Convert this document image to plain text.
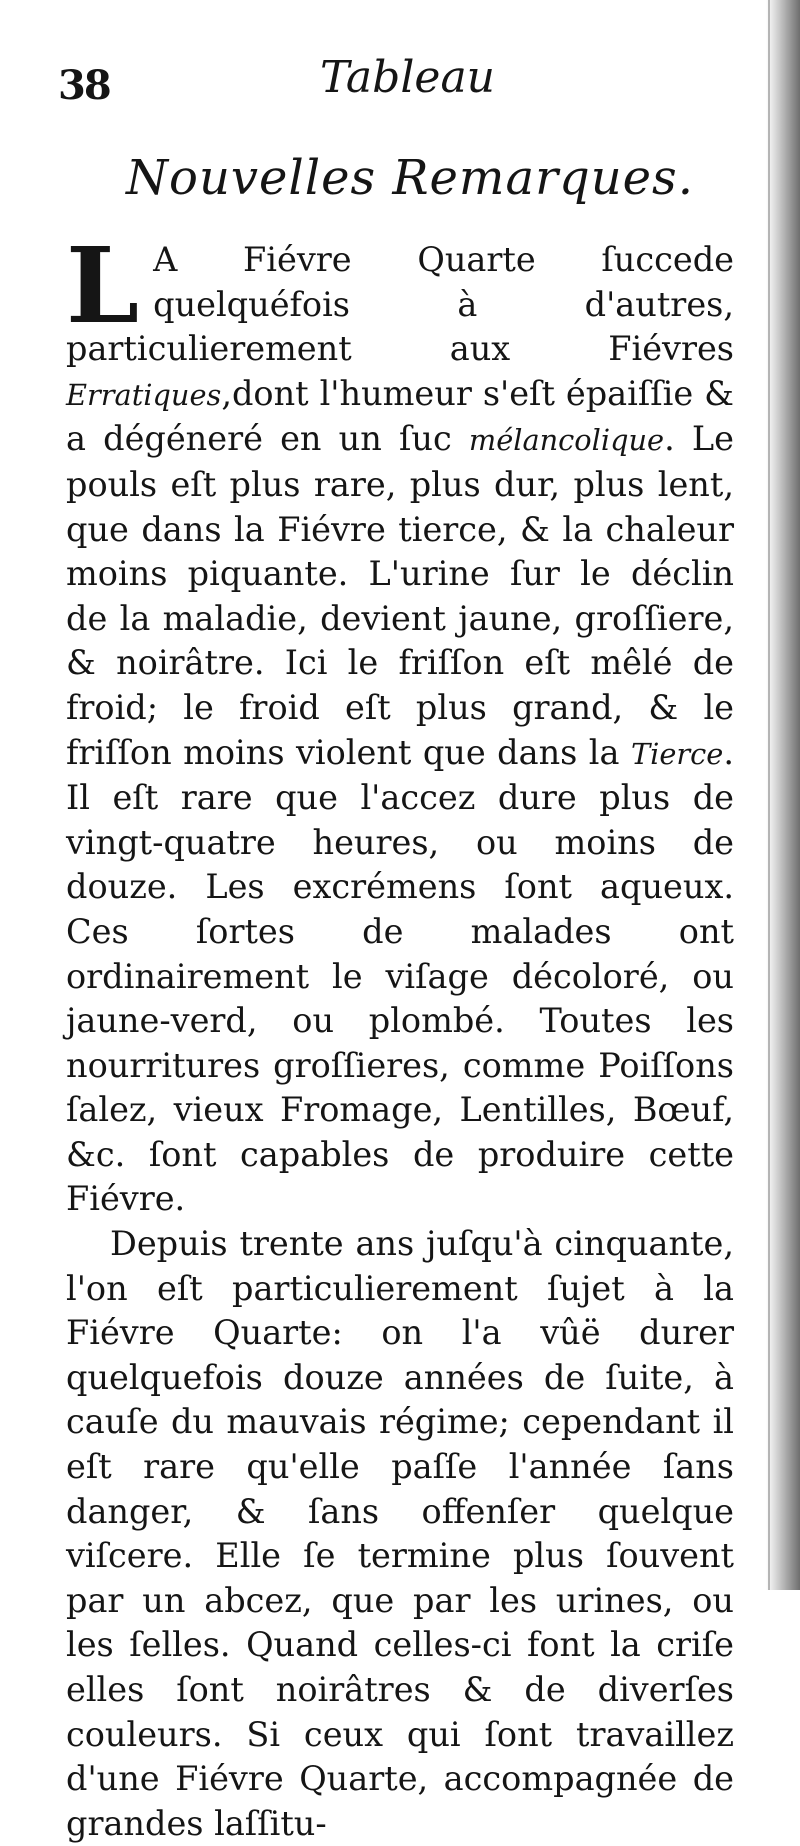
38	Tableau
Nouvelles Remarques.

L A Fiévre Quarte ſuccede quelquéfois à d'autres, particulierement aux Fiévres Erratiques,dont l'humeur s'eſt épaiſſie & a dégéneré en un ſuc mélancolique. Le pouls eſt plus rare, plus dur, plus lent, que dans la Fiévre tierce, & la chaleur moins piquante. L'urine ſur le déclin de la maladie, devient jaune, groſſiere, & noirâtre. Ici le friſſon eſt mêlé de froid; le froid eſt plus grand, & le friſſon moins violent que dans la Tierce. Il eſt rare que l'accez dure plus de vingt-quatre heures, ou moins de douze. Les excrémens ſont aqueux. Ces ſortes de malades ont ordinairement le viſage décoloré, ou jaune-verd, ou plombé. Toutes les nourritures groſſieres, comme Poiſſons ſalez, vieux Fromage, Lentilles, Bœuf, &c. ſont capables de produire cette Fiévre.

Depuis trente ans juſqu'à cinquante, l'on eſt particulierement ſujet à la Fiévre Quarte: on l'a vûë durer quelquefois douze années de ſuite, à cauſe du mauvais régime; cependant il eſt rare qu'elle paſſe l'année ſans danger, & ſans offenſer quelque viſcere. Elle ſe termine plus ſouvent par un abcez, que par les urines, ou les ſelles. Quand celles-ci font la criſe elles ſont noirâtres & de diverſes couleurs. Si ceux qui ſont travaillez d'une Fiévre Quarte, accompagnée de grandes laſſitu-
